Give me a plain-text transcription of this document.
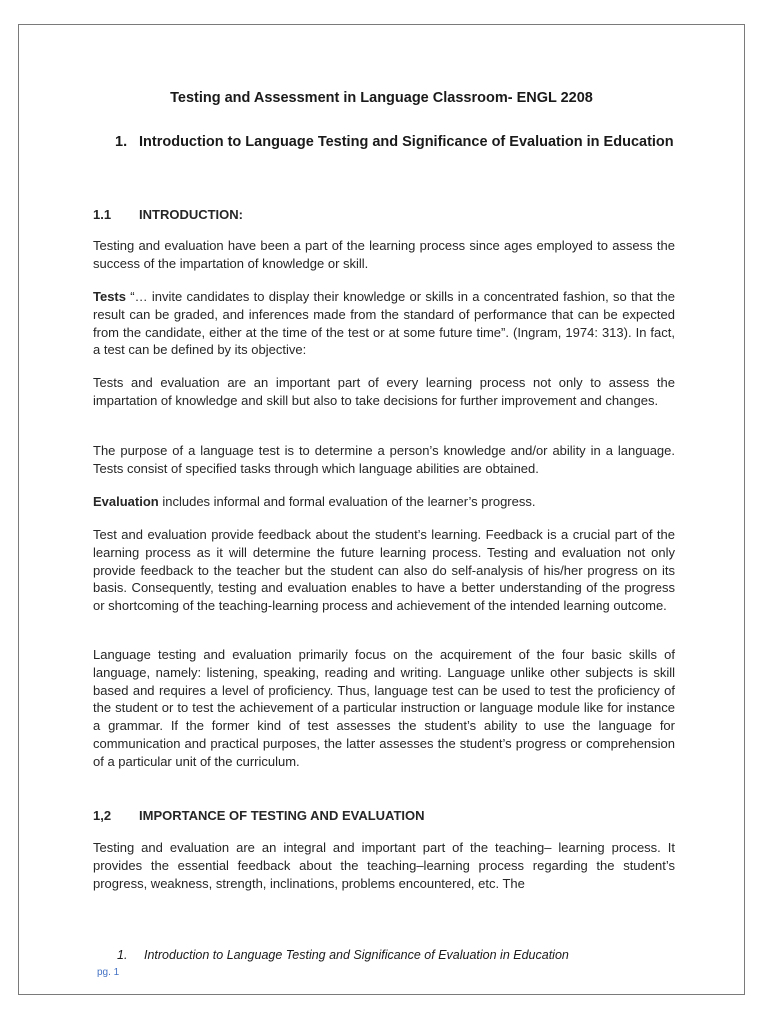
Testing and Assessment in Language Classroom- ENGL 2208
1. Introduction to Language Testing and Significance of Evaluation in Education
1.1 INTRODUCTION:

Testing and evaluation have been a part of the learning process since ages employed to assess the success of the impartation of knowledge or skill.

Tests “… invite candidates to display their knowledge or skills in a concentrated fashion, so that the result can be graded, and inferences made from the standard of performance that can be expected from the candidate, either at the time of the test or at some future time”. (Ingram, 1974: 313). In fact, a test can be defined by its objective:

Tests and evaluation are an important part of every learning process not only to assess the impartation of knowledge and skill but also to take decisions for further improvement and changes.

The purpose of a language test is to determine a person’s knowledge and/or ability in a language. Tests consist of specified tasks through which language abilities are obtained.

Evaluation includes informal and formal evaluation of the learner’s progress.

Test and evaluation provide feedback about the student’s learning. Feedback is a crucial part of the learning process as it will determine the future learning process. Testing and evaluation not only provide feedback to the teacher but the student can also do self-analysis of his/her progress on its basis. Consequently, testing and evaluation enables to have a better understanding of the progress or shortcoming of the teaching-learning process and achievement of the intended learning outcome.

Language testing and evaluation primarily focus on the acquirement of the four basic skills of language, namely: listening, speaking, reading and writing. Language unlike other subjects is skill based and requires a level of proficiency. Thus, language test can be used to test the proficiency of the student or to test the achievement of a particular instruction or language module like for instance a grammar. If the former kind of test assesses the student’s ability to use the language for communication and practical purposes, the latter assesses the student’s progress or comprehension of a particular unit of the curriculum.

1,2 IMPORTANCE OF TESTING AND EVALUATION

Testing and evaluation are an integral and important part of the teaching– learning process. It provides the essential feedback about the teaching–learning process regarding the student’s progress, weakness, strength, inclinations, problems encountered, etc. The

1. Introduction to Language Testing and Significance of Evaluation in Education
pg. 1
